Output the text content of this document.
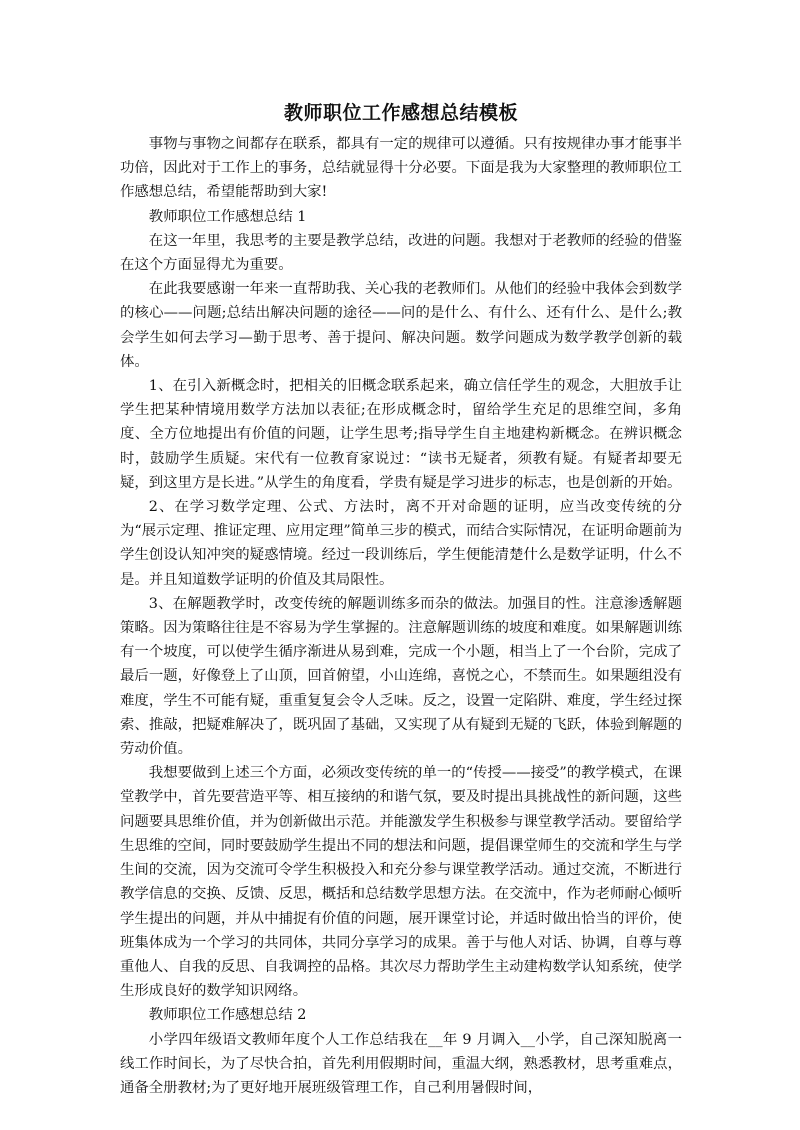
教师职位工作感想总结模板

事物与事物之间都存在联系，都具有一定的规律可以遵循。只有按规律办事才能事半功倍，因此对于工作上的事务，总结就显得十分必要。下面是我为大家整理的教师职位工作感想总结，希望能帮助到大家!

教师职位工作感想总结 1

在这一年里，我思考的主要是教学总结，改进的问题。我想对于老教师的经验的借鉴在这个方面显得尤为重要。

在此我要感谢一年来一直帮助我、关心我的老教师们。从他们的经验中我体会到数学的核心——问题;总结出解决问题的途径——问的是什么、有什么、还有什么、是什么;教会学生如何去学习—勤于思考、善于提问、解决问题。数学问题成为数学教学创新的载体。

1、在引入新概念时，把相关的旧概念联系起来，确立信任学生的观念，大胆放手让学生把某种情境用数学方法加以表征;在形成概念时，留给学生充足的思维空间，多角度、全方位地提出有价值的问题，让学生思考;指导学生自主地建构新概念。在辨识概念时，鼓励学生质疑。宋代有一位教育家说过：“读书无疑者，须教有疑。有疑者却要无疑，到这里方是长进。”从学生的角度看，学贵有疑是学习进步的标志，也是创新的开始。

2、在学习数学定理、公式、方法时，离不开对命题的证明，应当改变传统的分为“展示定理、推证定理、应用定理”简单三步的模式，而结合实际情况，在证明命题前为学生创设认知冲突的疑惑情境。经过一段训练后，学生便能清楚什么是数学证明，什么不是。并且知道数学证明的价值及其局限性。

3、在解题教学时，改变传统的解题训练多而杂的做法。加强目的性。注意渗透解题策略。因为策略往往是不容易为学生掌握的。注意解题训练的坡度和难度。如果解题训练有一个坡度，可以使学生循序渐进从易到难，完成一个小题，相当上了一个台阶，完成了最后一题，好像登上了山顶，回首俯望，小山连绵，喜悦之心，不禁而生。如果题组没有难度，学生不可能有疑，重重复复会令人乏味。反之，设置一定陷阱、难度，学生经过探索、推敲，把疑难解决了，既巩固了基础，又实现了从有疑到无疑的飞跃，体验到解题的劳动价值。

我想要做到上述三个方面，必须改变传统的单一的“传授——接受”的教学模式，在课堂教学中，首先要营造平等、相互接纳的和谐气氛，要及时提出具挑战性的新问题，这些问题要具思维价值，并为创新做出示范。并能激发学生积极参与课堂教学活动。要留给学生思维的空间，同时要鼓励学生提出不同的想法和问题，提倡课堂师生的交流和学生与学生间的交流，因为交流可令学生积极投入和充分参与课堂教学活动。通过交流，不断进行教学信息的交换、反馈、反思，概括和总结数学思想方法。在交流中，作为老师耐心倾听学生提出的问题，并从中捕捉有价值的问题，展开课堂讨论，并适时做出恰当的评价，使班集体成为一个学习的共同体，共同分享学习的成果。善于与他人对话、协调，自尊与尊重他人、自我的反思、自我调控的品格。其次尽力帮助学生主动建构数学认知系统，使学生形成良好的数学知识网络。

教师职位工作感想总结 2

小学四年级语文教师年度个人工作总结我在__年 9 月调入__小学，自己深知脱离一线工作时间长，为了尽快合拍，首先利用假期时间，重温大纲，熟悉教材，思考重难点，通备全册教材;为了更好地开展班级管理工作，自己利用暑假时间，
